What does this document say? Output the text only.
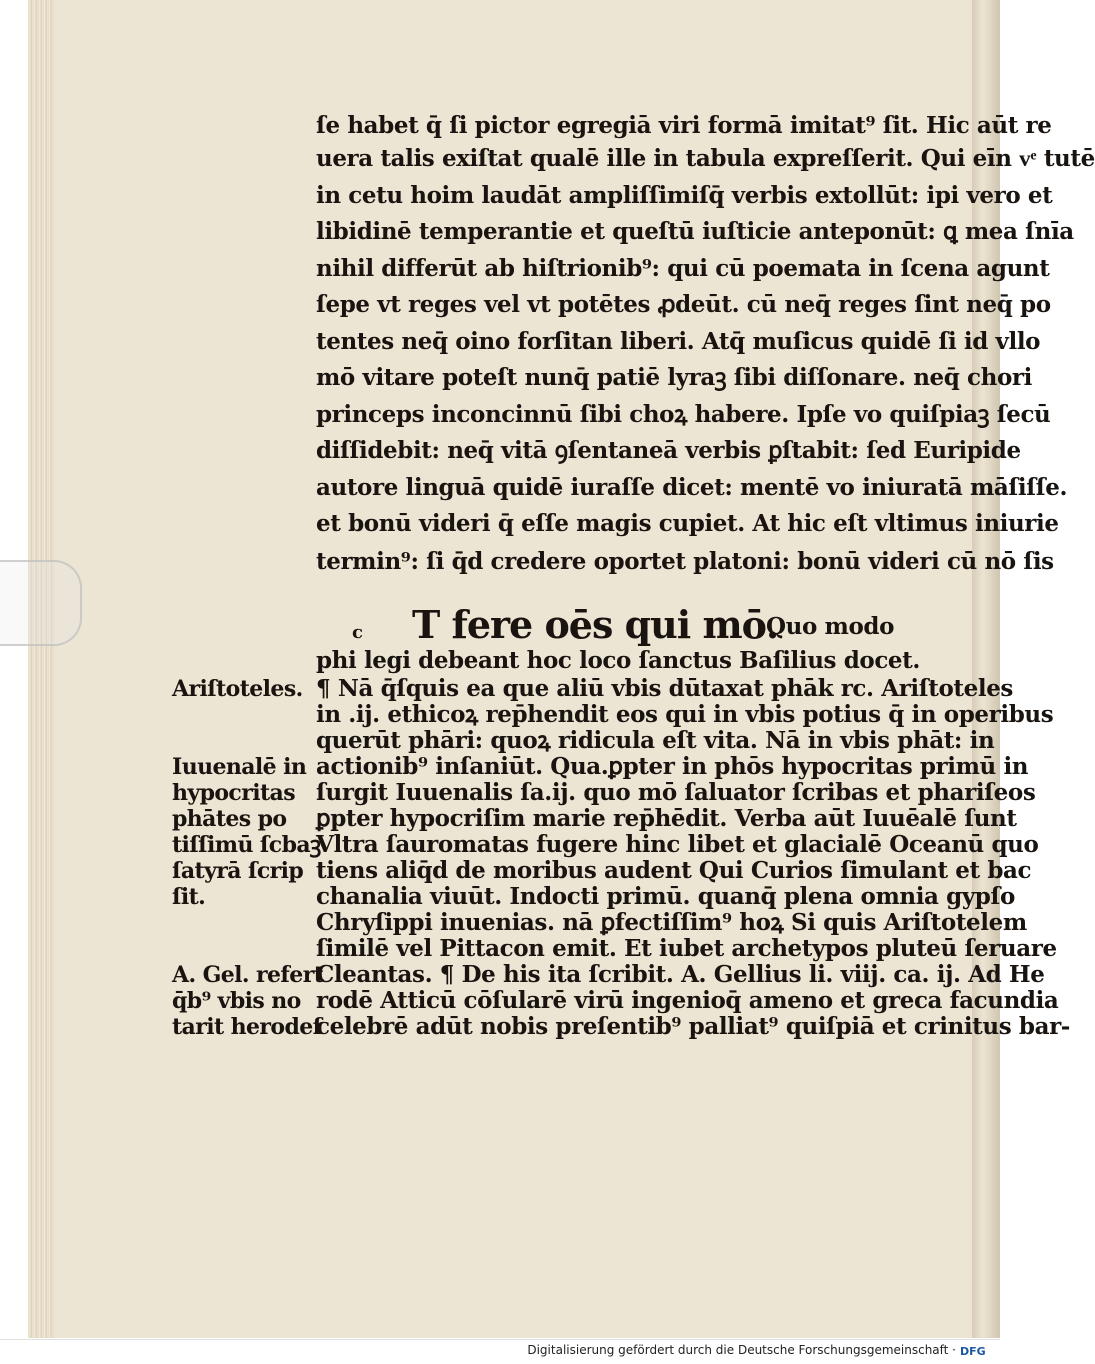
ſe habet q̄ ſi pictor egregiā viri formā imitat⁹ ſit. Hic aūt re

uera talis exiſtat qualē ille in tabula expreſſerit. Qui eīn vͤ tutē

in cetu hoim laudāt ampliſſimiſq̄ verbis extollūt: ipi vero et

libidinē temperantie et queſtū iuſticie anteponūt: ꝗ mea ſnīa

nihil differūt ab hiſtrionib⁹: qui cū poemata in ſcena agunt

ſepe vt reges vel vt potētes ꝓdeūt. cū neq̄ reges ſint neq̄ po

tentes neq̄ oino forſitan liberi. Atq̄ muſicus quidē ſi id vllo

mō vitare poteſt nunq̄ patiē lyraꝫ ſibi diſſonare. neq̄ chori

princeps inconcinnū ſibi choꝝ habere. Ipſe vo quiſpiaꝫ ſecū

diſſidebit: neq̄ vitā ꝯſentaneā verbis ꝑſtabit: ſed Euripide

autore linguā quidē iuraſſe dicet: mentē vo iniuratā māſiſſe.

et bonū videri q̄ eſſe magis cupiet. At hic eſt vltimus iniurie

termin⁹: ſi q̄d credere oportet platoni: bonū videri cū nō ſis

c T fere oēs qui mō.

Quo modo

phi legi debeant hoc loco ſanctus Baſilius docet.

¶ Nā q̄ſquis ea que aliū vbis dūtaxat phāk rc. Ariſtoteles

in .ij. ethicoꝝ rep̄hendit eos qui in vbis potius q̄ in operibus

querūt phāri: quoꝝ ridicula eſt vita. Nā in vbis phāt: in

actionib⁹ inſaniūt. Qua.ꝑpter in phōs hypocritas primū in

ſurgit Iuuenalis ſa.ij. quo mō ſaluator ſcribas et phariſeos

ꝑpter hypocriſim marie rep̄hēdit. Verba aūt Iuuēalē ſunt

Vltra ſauromatas fugere hinc libet et glacialē Oceanū quo

tiens aliq̄d de moribus audent Qui Curios ſimulant et bac

chanalia viuūt. Indocti primū. quanq̄ plena omnia gypſo

Chryſippi inuenias. nā ꝑfectiſſim⁹ hoꝝ Si quis Ariſtotelem

ſimilē vel Pittacon emit. Et iubet archetypos pluteū ſeruare

Cleantas. ¶ De his ita ſcribit. A. Gellius li. viij. ca. ij. Ad He

rodē Atticū cōſularē virū ingenioq̄ ameno et greca facundia

celebrē adūt nobis preſentib⁹ palliat⁹ quiſpiā et crinitus bar-

Ariſtoteles.

Iuuenalē in

hypocritas

phātes po

tiſſimū ſcbaꝫ

ſatyrā ſcrip

ſit.

A. Gel. refert

q̄b⁹ vbis no

tarit herodeſ

Digitalisierung gefördert durch die Deutsche Forschungsgemeinschaft · DFG
